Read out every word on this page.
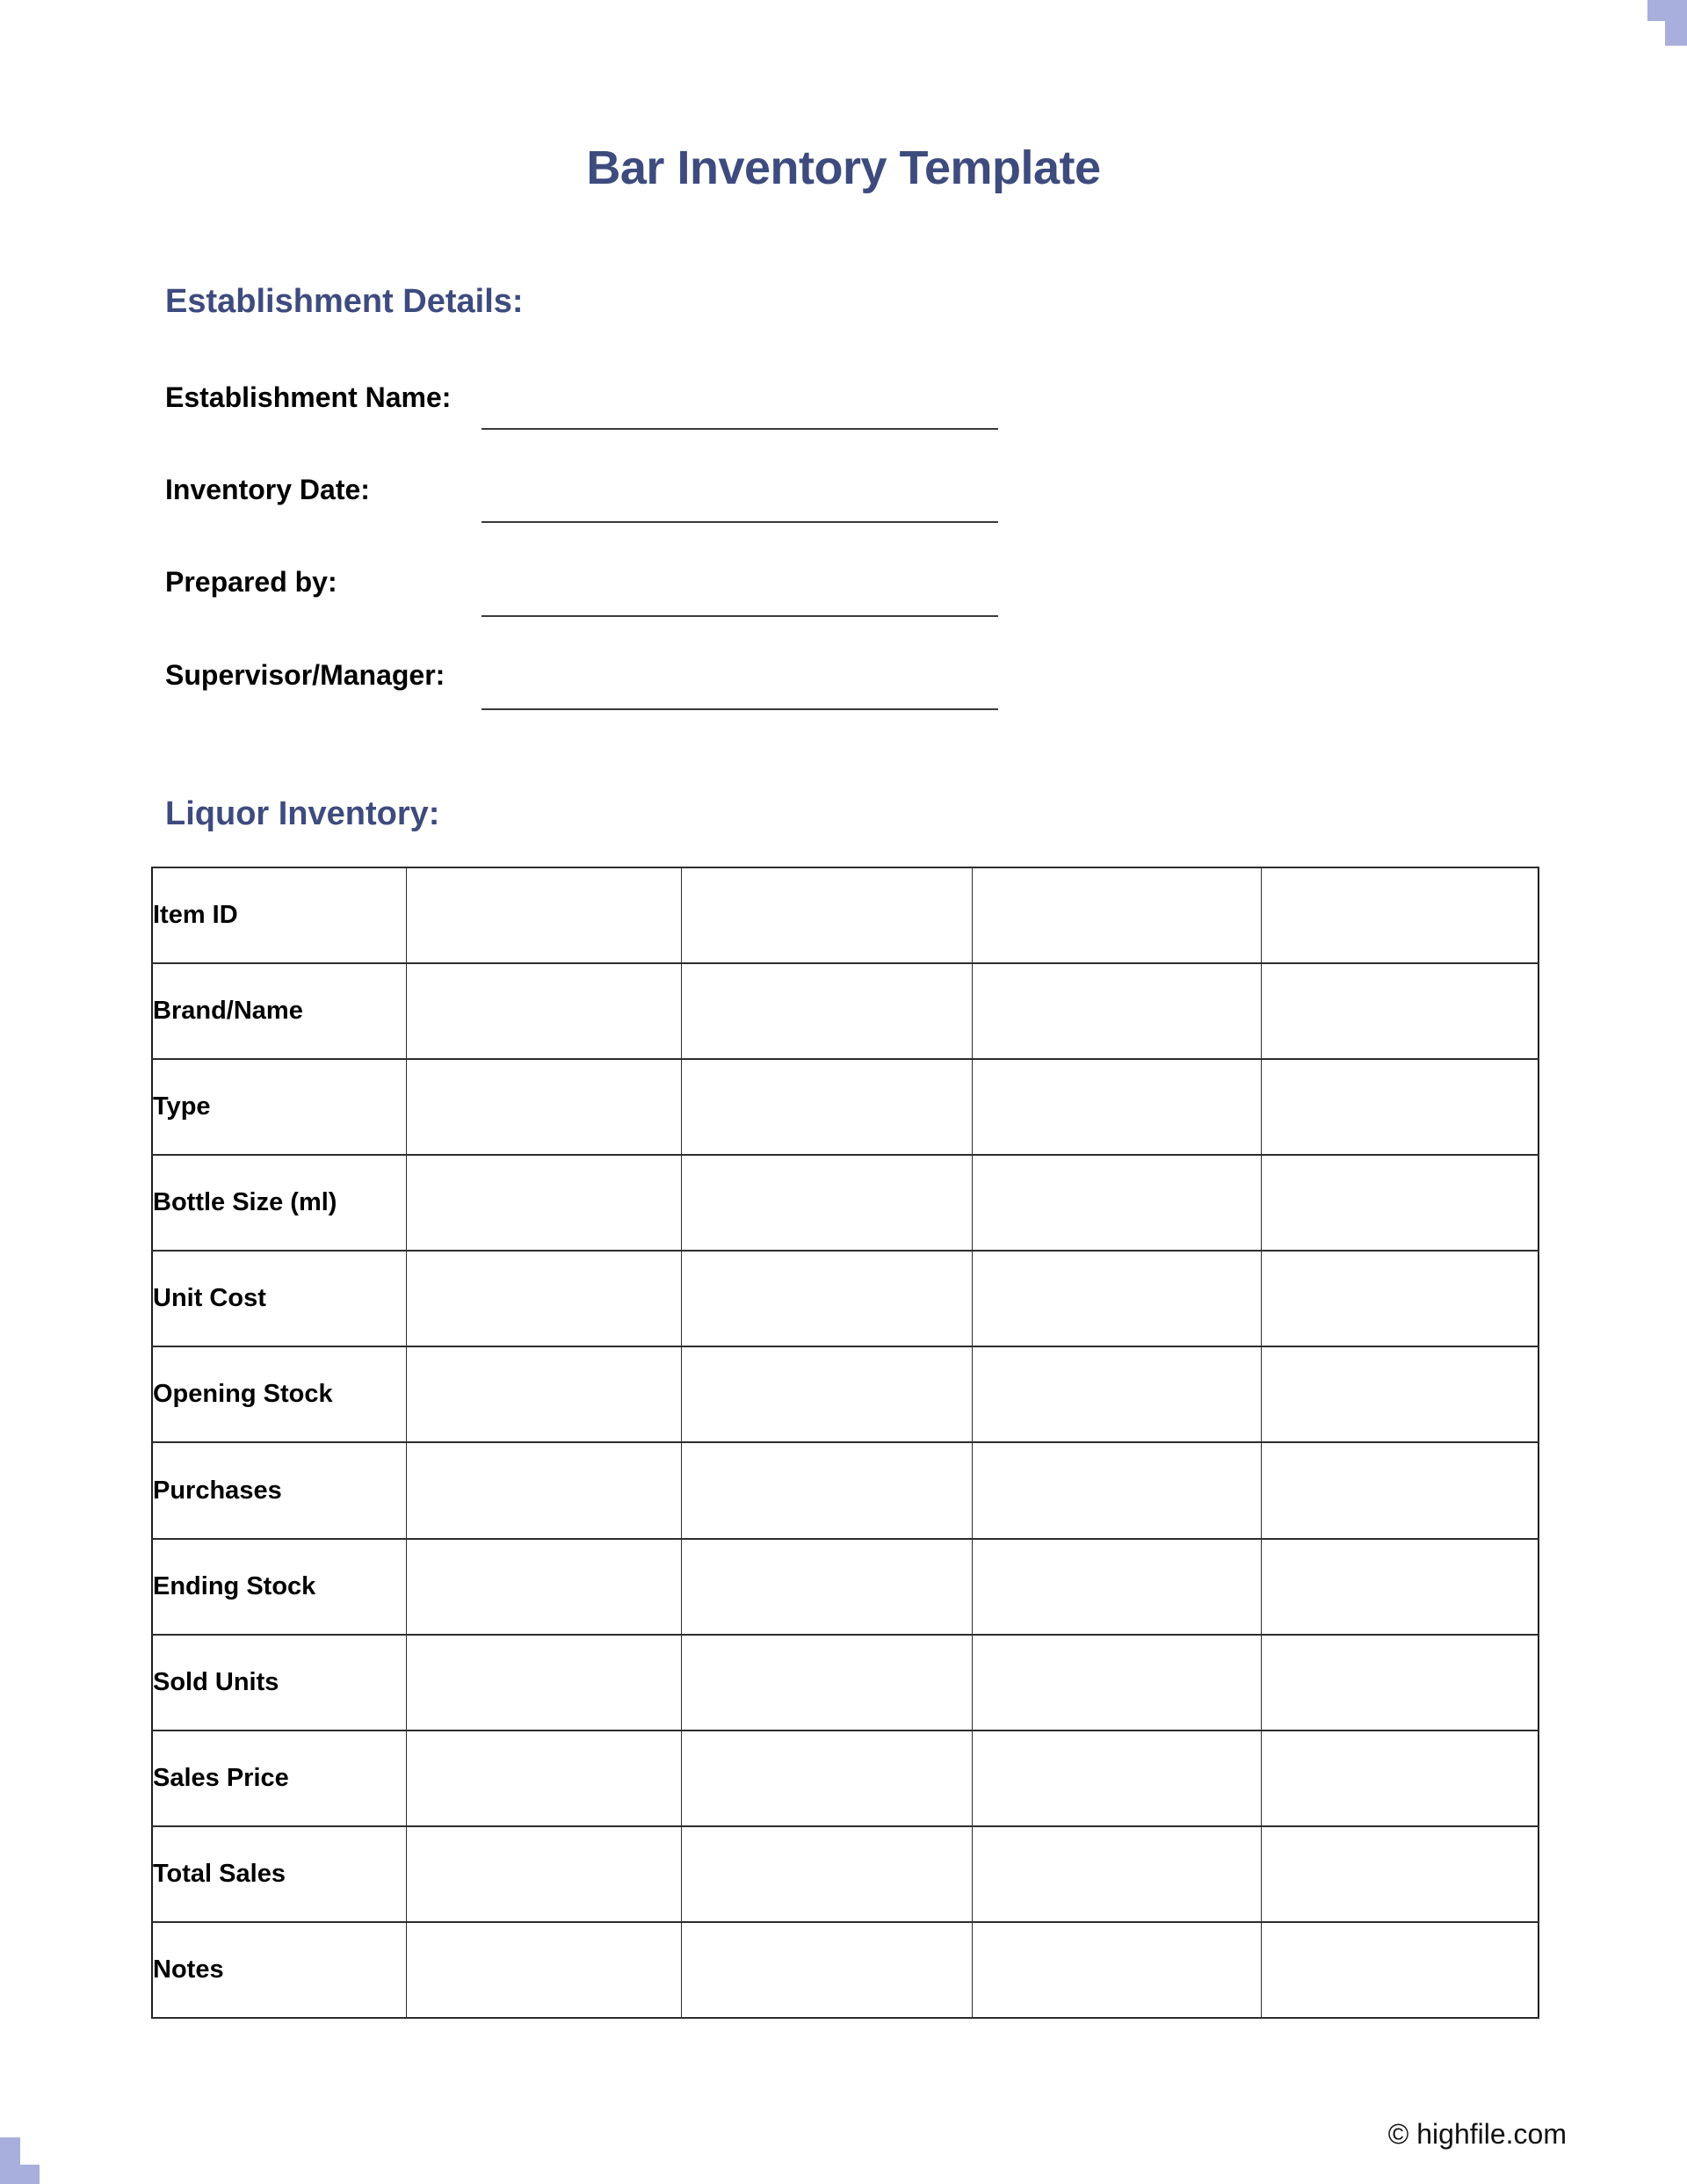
Bar Inventory Template
Establishment Details:
Establishment Name:
Inventory Date:
Prepared by:
Supervisor/Manager:
Liquor Inventory:
Item ID				
Brand/Name				
Type				
Bottle Size (ml)				
Unit Cost				
Opening Stock				
Purchases				
Ending Stock				
Sold Units				
Sales Price				
Total Sales				
Notes				
© highfile.com
